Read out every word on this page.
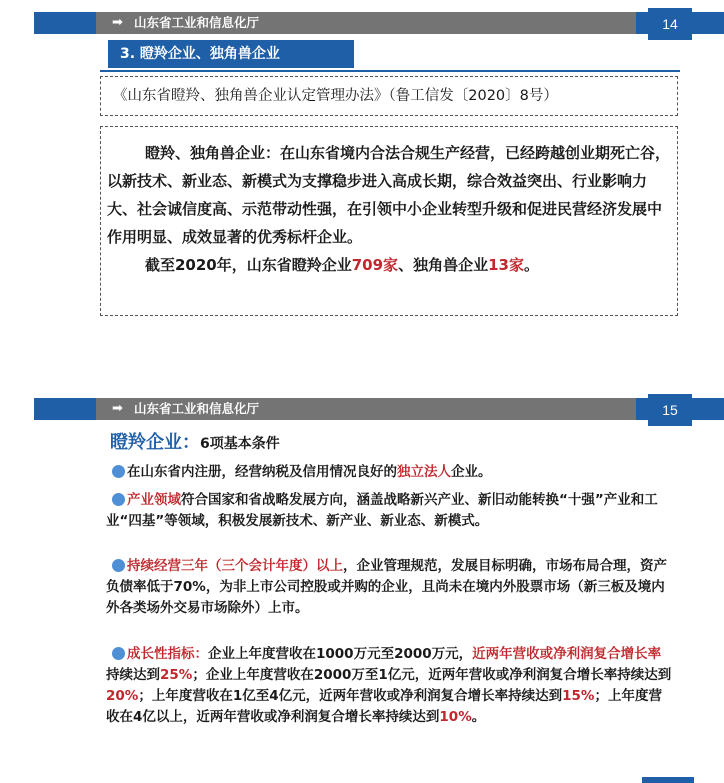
➡ 山东省工业和信息化厅	14
3. 瞪羚企业、独角兽企业
《山东省瞪羚、独角兽企业认定管理办法》（鲁工信发〔2020〕8号）

瞪羚、独角兽企业：在山东省境内合法合规生产经营，已经跨越创业期死亡谷，以新技术、新业态、新模式为支撑稳步进入高成长期，综合效益突出、行业影响力大、社会诚信度高、示范带动性强，在引领中小企业转型升级和促进民营经济发展中作用明显、成效显著的优秀标杆企业。

截至2020年，山东省瞪羚企业709家、独角兽企业13家。

➡ 山东省工业和信息化厅	15
瞪羚企业：6项基本条件
在山东省内注册，经营纳税及信用情况良好的独立法人企业。
产业领域符合国家和省战略发展方向，涵盖战略新兴产业、新旧动能转换“十强”产业和工业“四基”等领域，积极发展新技术、新产业、新业态、新模式。
持续经营三年（三个会计年度）以上，企业管理规范，发展目标明确，市场布局合理，资产负债率低于70%，为非上市公司控股或并购的企业，且尚未在境内外股票市场（新三板及境内外各类场外交易市场除外）上市。
成长性指标：企业上年度营收在1000万元至2000万元，近两年营收或净利润复合增长率持续达到25%；企业上年度营收在2000万至1亿元，近两年营收或净利润复合增长率持续达到20%；上年度营收在1亿至4亿元，近两年营收或净利润复合增长率持续达到15%；上年度营收在4亿以上，近两年营收或净利润复合增长率持续达到10%。
